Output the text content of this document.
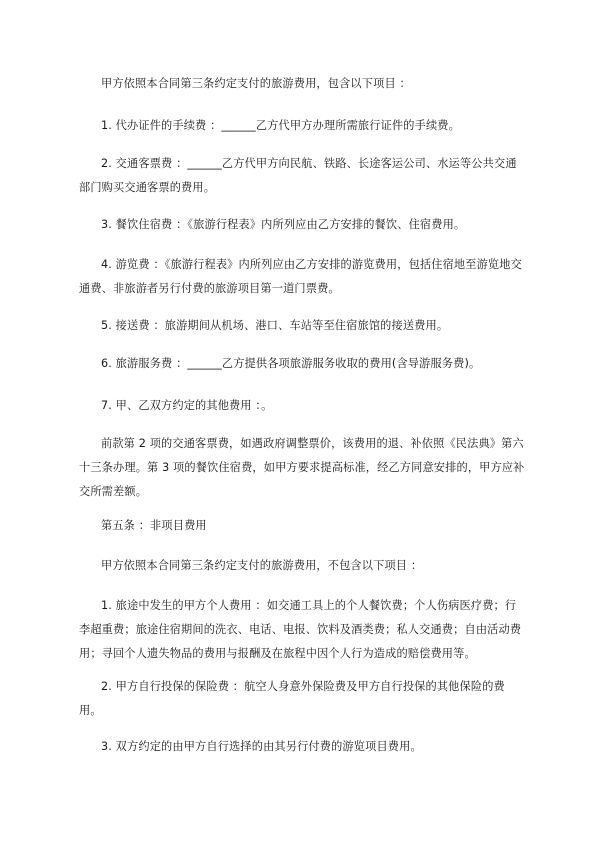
甲方依照本合同第三条约定支付的旅游费用，包含以下项目 ：

1. 代办证件的手续费 ：______乙方代甲方办理所需旅行证件的手续费。

2. 交通客票费 ：______乙方代甲方向民航、铁路、长途客运公司、水运等公共交通部门购买交通客票的费用。

3. 餐饮住宿费 ：《旅游行程表》内所列应由乙方安排的餐饮、住宿费用。

4. 游览费 ：《旅游行程表》内所列应由乙方安排的游览费用，包括住宿地至游览地交通费、非旅游者另行付费的旅游项目第一道门票费。

5. 接送费 ：旅游期间从机场、港口、车站等至住宿旅馆的接送费用。

6. 旅游服务费 ：______乙方提供各项旅游服务收取的费用(含导游服务费)。

7. 甲、乙双方约定的其他费用 ：。

前款第 2 项的交通客票费，如遇政府调整票价，该费用的退、补依照《民法典》第六十三条办理。第 3 项的餐饮住宿费，如甲方要求提高标准，经乙方同意安排的，甲方应补交所需差额。

第五条 ：非项目费用

甲方依照本合同第三条约定支付的旅游费用，不包含以下项目 ：

1. 旅途中发生的甲方个人费用 ：如交通工具上的个人餐饮费；个人伤病医疗费；行李超重费；旅途住宿期间的洗衣、电话、电报、饮料及酒类费；私人交通费；自由活动费用；寻回个人遗失物品的费用与报酬及在旅程中因个人行为造成的赔偿费用等。

2. 甲方自行投保的保险费 ：航空人身意外保险费及甲方自行投保的其他保险的费用。

3. 双方约定的由甲方自行选择的由其另行付费的游览项目费用。
